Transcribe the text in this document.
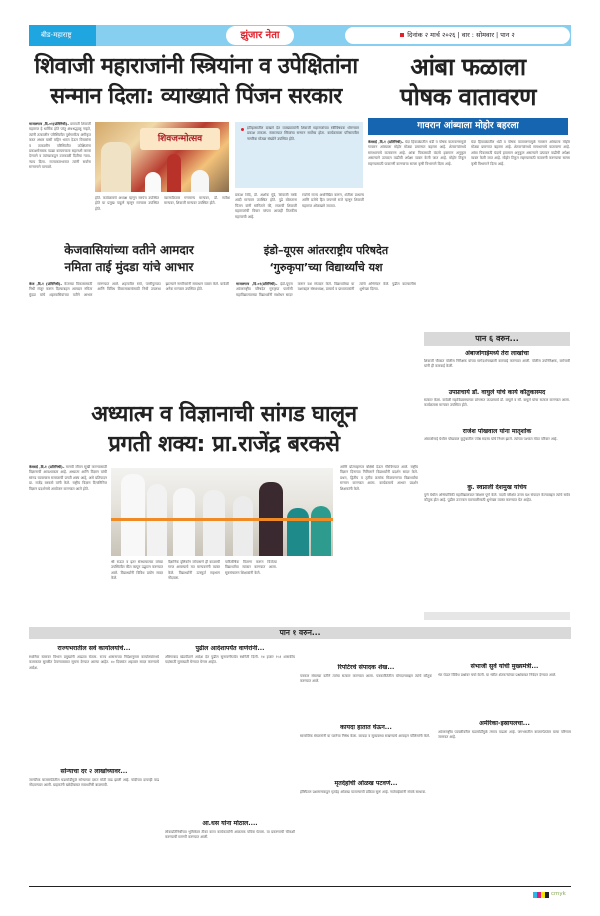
बीड-महाराष्ट्र	झुंजार नेता	दिनांक २ मार्च २०२६ | वार : सोमवार | पान २
शिवाजी महाराजांनी स्त्रियांना व उपेक्षितांना
सन्मान दिला: व्याख्याते पिंजन सरकार
माजलगाव ,दि.०१(प्रतिनिधी)– छत्रपती शिवाजी महाराज हे धार्मिक होते परंतु अंधश्रद्धाळू नव्हते, त्यांनी तत्कालीन परिस्थितीत पुरोगामीत्व अंगीकृत करत अंधार यासी महिन भारत देऊन विचारांना व तत्कालीन परिस्थितीत उपेक्षितांना प्रकाशमेसबक पडद्या कायमचाता सहानशी कमरा देण्याने व त्यांच्याकडून उत्तकाळी दितीचा न्याय-न्याय दिला. राज्यकारभारात त्यांनी सर्वांना सन्मानाने वागवले.
शिवजन्मोत्सव
होते. कार्यक्रमाचे अध्यक्ष म्हणून सरपंच उपस्थित होते या प्रमुख पाहुणे म्हणून मान्यवर उपस्थित होते.
व्यासपीठावर गणमान्य मान्यवर, डॉ. सतीश मान्यवर, शिवाजी मान्यवर उपस्थित होते.
इतिहासातील दाखले देत व्याख्यात्यांनी शिवाजी महाराजांच्या स्त्रीविषयक धोरणावर प्रकाश टाकला. स्वराज्यात स्त्रियांचा सन्मान सर्वोच्च होता. कार्यक्रमाला परिसरातील नागरिक मोठ्या संख्येने उपस्थित होते.
प्रकाश शिंदे, डॉ. अशोक मुंडे, शिवाजी मस्के आदी मान्यवर उपस्थित होते. पुढे बोलताना पिंजन यांनी सांगितले की, राजाची शिवाजी महाराजांची विचार परंपरा आजही तितकीच महत्त्वाची आहे.
रयतेचे राज्य अधोरेखित करून, शेतीला प्राधान्य आणि प्रजेचे हित जपणारे राजे म्हणून शिवाजी महाराज ओळखले जातात.
आंबा फळाला
पोषक वातावरण
गावरान आंब्याला मोहोर बहरला
केवराई ,दि.१ (प्रतिनिधी)– यंदा हिवाळ्यातील थंडी व पोषक वातावरणामुळे गावरान आंब्याला मोहोर मोठ्या प्रमाणात बहरला आहे. शेतकऱ्यांमध्ये समाधानाचे वातावरण आहे. आंबा पिकासाठी यंदाचे हवामान अनुकूल असल्याने उत्पादन वाढीची अपेक्षा व्यक्त केली जात आहे. मोहोर टिकून राहण्यासाठी फवारणी करण्याचा सल्ला कृषी विभागाने दिला आहे.
यंदा हिवाळ्यातील थंडी व पोषक वातावरणामुळे गावरान आंब्याला मोहोर मोठ्या प्रमाणात बहरला आहे. शेतकऱ्यांमध्ये समाधानाचे वातावरण आहे. आंबा पिकासाठी यंदाचे हवामान अनुकूल असल्याने उत्पादन वाढीची अपेक्षा व्यक्त केली जात आहे. मोहोर टिकून राहण्यासाठी फवारणी करण्याचा सल्ला कृषी विभागाने दिला आहे.
केजवासियांच्या वतीने आमदार
नमिता ताई मुंदडा यांचे आभार
केज ,दि.१ (प्रतिनिधी)– केजच्या विकासासाठी निधी मंजूर करून दिल्याबद्दल आमदार नमिता मुंदडा यांचे शहरवासियांच्या वतीने आभार मानण्यात आले. शहरातील रस्ते, पाणीपुरवठा आणि विविध विकासकामांसाठी निधी उपलब्ध झाल्याने नागरिकांनी समाधान व्यक्त केले. यावेळी अनेक मान्यवर उपस्थित होते.
इंडो–यूएस आंतरराष्ट्रीय परिषदेत
‘गुरुकृपा’च्या विद्यार्थ्यांचे यश
माजलगाव ,दि.०१(प्रतिनिधी)– इंडो-यूएस आंतरराष्ट्रीय परिषदेत गुरुकृपा फार्मसी महाविद्यालयाच्या विद्यार्थ्यांनी संशोधन सादर करून यश संपादन केले. विद्यार्थ्यांच्या या यशाबद्दल संस्थाध्यक्ष, प्राचार्य व प्राध्यापकांनी त्यांचे अभिनंदन केले. पुढील वाटचालीस शुभेच्छा दिल्या.
पान ६ वरुन...
अंबाजोगाईमध्ये तेरा लाखांचा
शिवाजी चौकात पोलीस निरीक्षक यांच्या मार्गदर्शनाखाली कारवाई करण्यात आली. पोलीस उपनिरीक्षक, कर्मचारी यांनी ही कारवाई केली.
उपप्राचार्य डॉ. वाघुले यांचे कार्य कौतुकास्पद
सत्कार केला. यावेळी महाविद्यालयाच्या प्रांगणात उपप्राचार्य डॉ. वाघुले व सौ. वाघुले यांचा सत्कार करण्यात आला. कार्यक्रमास मान्यवर उपस्थित होते.
राजेश पोखवाल यांना मातृशोक
अंबाजोगाई येथील पोखवाल कुटुंबातील ज्येष्ठ सदस्य यांचे निधन झाले. त्यांच्या पश्चात मोठा परिवार आहे.
कु. स्वप्नाली देशमुख यांचेय
पुणे येथील अभियांत्रिकी महाविद्यालयात शिक्षण पूर्ण केले. पदवी परीक्षेत उत्तम यश संपादन केल्याबद्दल त्यांचे सर्वत्र कौतुक होत आहे. पुढील उज्ज्वल वाटचालीसाठी शुभेच्छा व्यक्त करण्यात येत आहेत.
अध्यात्म व विज्ञानाची सांगड घालून
प्रगती शक्य: प्रा.राजेंद्र बरकसे
केवराई ,दि.१ (प्रतिनिधी)– मानवी जीवन सुखी करण्यासाठी विज्ञानाची आवश्यकता आहे. अध्यात्म आणि विज्ञान यांची सांगड घातल्यास समाजाची प्रगती शक्य आहे, असे प्रतिपादन प्रा. राजेंद्र बरकसे यांनी केले. राष्ट्रीय विज्ञान दिनानिमित्त विज्ञान प्रदर्शनाचे आयोजन करण्यात आले होते.
श्री राऊत व इतर संस्थाचालक यांच्या उपस्थितीत फीत कापून उद्घाटन करण्यात आले. विद्यार्थ्यांनी विविध प्रयोग सादर केले.
वैज्ञानिक दृष्टिकोन जोपासणे ही काळाची गरज असल्याचे मत मान्यवरांनी व्यक्त केले. विद्यार्थ्यांनी उत्स्फूर्त सहभाग नोंदवला.
पारितोषिक वितरण करून विजेत्या विद्यार्थ्यांचा सत्कार करण्यात आला. सूत्रसंचालन शिक्षकांनी केले.
आणि प्रोत्साहनपर बक्षिसे देऊन गौरविण्यात आले. राष्ट्रीय विज्ञान दिनाच्या निमित्ताने विद्यार्थ्यांनी प्रदर्शन सादर केले. प्रथम, द्वितीय व तृतीय क्रमांक मिळवणाऱ्या विद्यार्थ्यांचा सन्मान करण्यात आला. कार्यक्रमाचे आभार प्रदर्शन शिक्षकांनी केले.
पान १ वरुन...
राज्यभरातील सर्व कार्यालयांचे...
स्थानिक स्तरावर विभाग प्रमुखांनी आढावा घेतला. राज्य शासनाच्या निर्देशानुसार कार्यालयांमध्ये कामकाज सुरळीत ठेवण्याबाबत सूचना देण्यात आल्या आहेत. ४० दिवसांत अहवाल सादर करण्याचे आदेश.
सोन्याचा दर २ लाखांच्यावर...
जागतिक बाजारपेठेतील घडामोडींमुळे सोन्याच्या दरात मोठी वाढ झाली आहे. चांदीच्या दरातही वाढ नोंदवण्यात आली. ग्राहकांनी खरेदीबाबत सावधगिरी बाळगावी.
पुढील आदेशापर्यंत वाणेरांनी...
औरंगाबाद खंडपीठाने आदेश देत पुढील सुनावणीपर्यंत स्थगिती दिली. १४ हजार १५१ शासकीय पदांसाठी मुलाखती घेण्यात येणार आहेत.
आ.धस यांना मोठाल....
लोकप्रतिनिधींच्या भूमिकेवर टीका करत कार्यकर्त्यांनी आक्रमक पवित्रा घेतला. या प्रकरणाची चौकशी करण्याची मागणी करण्यात आली.
रिपोर्टरचे संपादक शेख...
पत्रकार संघाच्या वतीने त्यांचा सत्कार करण्यात आला. पत्रकारितेतील योगदानाबद्दल त्यांचे कौतुक करण्यात आले.
कायदा हातात घेऊन...
सामाजिक संघटनांनी या घटनेचा निषेध केला. कायदा व सुव्यवस्था राखण्याचे आवाहन पोलिसांनी केले.
मृतदेहांची ओळख पटवणं...
हॉस्पिटल प्रशासनाकडून मृतदेह ओळख पटवण्याची प्रक्रिया सुरू आहे. नातेवाईकांनी संपर्क साधावा.
संभाजी सुर्वे यांची मुख्यमंत्री...
भेट घेऊन विविध प्रश्नांवर चर्चा केली. या भेटीत शेतकऱ्यांच्या प्रश्नांबाबत निवेदन देण्यात आले.
अमेरिका-इस्रायलचा...
आंतरराष्ट्रीय पातळीवरील घडामोडींमुळे तणाव वाढला आहे. जगभरातील बाजारपेठांवर याचा परिणाम जाणवत आहे.
cmyk
